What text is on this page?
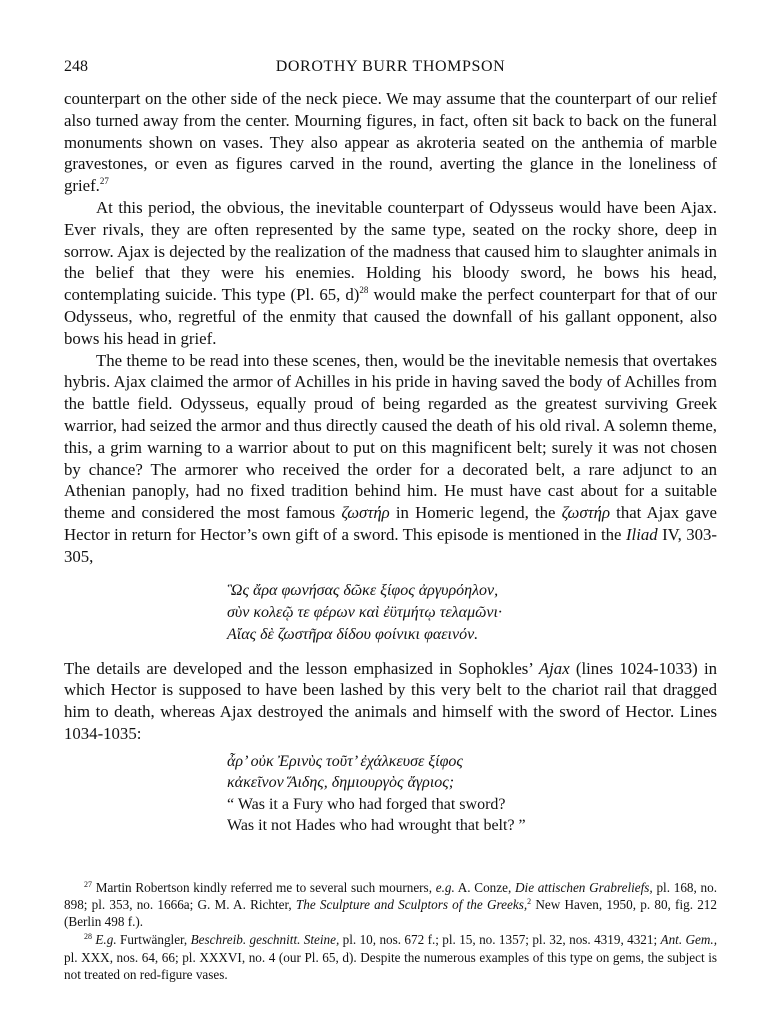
248	DOROTHY BURR THOMPSON

counterpart on the other side of the neck piece. We may assume that the counterpart of our relief also turned away from the center. Mourning figures, in fact, often sit back to back on the funeral monuments shown on vases. They also appear as akroteria seated on the anthemia of marble gravestones, or even as figures carved in the round, averting the glance in the loneliness of grief.$^{27}$

At this period, the obvious, the inevitable counterpart of Odysseus would have been Ajax. Ever rivals, they are often represented by the same type, seated on the rocky shore, deep in sorrow. Ajax is dejected by the realization of the madness that caused him to slaughter animals in the belief that they were his enemies. Holding his bloody sword, he bows his head, contemplating suicide. This type (Pl. 65, d)$^{28}$ would make the perfect counterpart for that of our Odysseus, who, regretful of the enmity that caused the downfall of his gallant opponent, also bows his head in grief.

The theme to be read into these scenes, then, would be the inevitable nemesis that overtakes hybris. Ajax claimed the armor of Achilles in his pride in having saved the body of Achilles from the battle field. Odysseus, equally proud of being regarded as the greatest surviving Greek warrior, had seized the armor and thus directly caused the death of his old rival. A solemn theme, this, a grim warning to a warrior about to put on this magnificent belt; surely it was not chosen by chance? The armorer who received the order for a decorated belt, a rare adjunct to an Athenian panoply, had no fixed tradition behind him. He must have cast about for a suitable theme and considered the most famous ζωστήρ in Homeric legend, the ζωστήρ that Ajax gave Hector in return for Hector’s own gift of a sword. This episode is mentioned in the Iliad IV, 303-305,

Ὣς ἄρα φωνήσας δῶκε ξίφος ἀργυρόηλον,
σὺν κολεῷ τε φέρων καὶ ἐϋτμήτῳ τελαμῶνι·
Αἴας δὲ ζωστῆρα δίδου φοίνικι φαεινόν.

The details are developed and the lesson emphasized in Sophokles’ Ajax (lines 1024-1033) in which Hector is supposed to have been lashed by this very belt to the chariot rail that dragged him to death, whereas Ajax destroyed the animals and himself with the sword of Hector. Lines 1034-1035:

ἆρ’ οὐκ Ἐρινὺς τοῦτ’ ἐχάλκευσε ξίφος
κἀκεῖνον Ἅιδης, δημιουργὸς ἄγριος;
“ Was it a Fury who had forged that sword?
Was it not Hades who had wrought that belt? ”

$^{27}$ Martin Robertson kindly referred me to several such mourners, e.g. A. Conze, Die attischen Grabreliefs, pl. 168, no. 898; pl. 353, no. 1666a; G. M. A. Richter, The Sculpture and Sculptors of the Greeks,$^2$ New Haven, 1950, p. 80, fig. 212 (Berlin 498 f.).

$^{28}$ E.g. Furtwängler, Beschreib. geschnitt. Steine, pl. 10, nos. 672 f.; pl. 15, no. 1357; pl. 32, nos. 4319, 4321; Ant. Gem., pl. XXX, nos. 64, 66; pl. XXXVI, no. 4 (our Pl. 65, d). Despite the numerous examples of this type on gems, the subject is not treated on red-figure vases.
